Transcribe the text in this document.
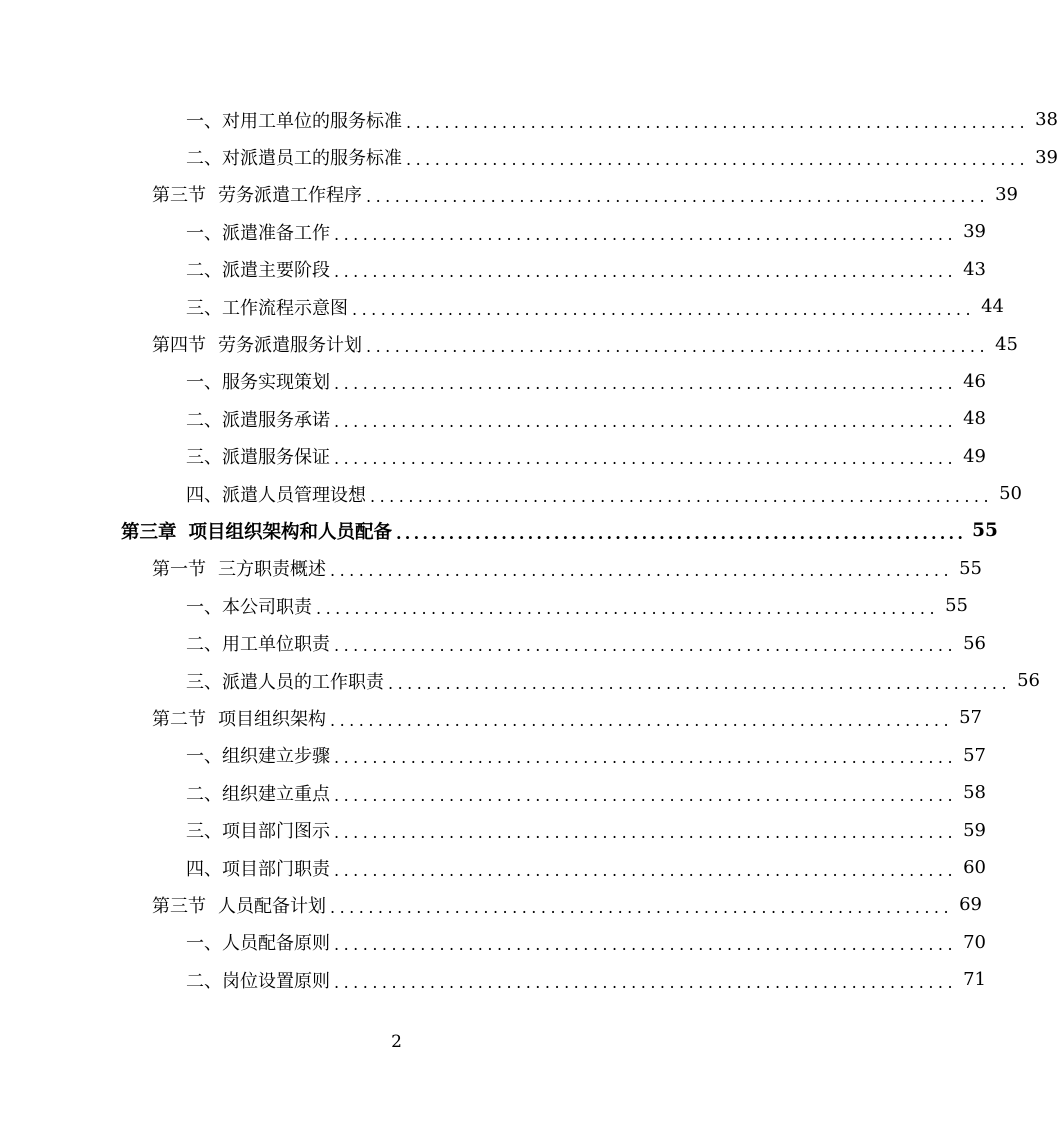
一、对用工单位的服务标准 ................................................................. 38
二、对派遣员工的服务标准 ................................................................. 39
第三节 劳务派遣工作程序 ................................................................. 39
一、派遣准备工作 ................................................................. 39
二、派遣主要阶段 ................................................................. 43
三、工作流程示意图 ................................................................. 44
第四节 劳务派遣服务计划 ................................................................. 45
一、服务实现策划 ................................................................. 46
二、派遣服务承诺 ................................................................. 48
三、派遣服务保证 ................................................................. 49
四、派遣人员管理设想 ................................................................. 50
第三章 项目组织架构和人员配备 ................................................................. 55
第一节 三方职责概述 ................................................................. 55
一、本公司职责 ................................................................. 55
二、用工单位职责 ................................................................. 56
三、派遣人员的工作职责 ................................................................. 56
第二节 项目组织架构 ................................................................. 57
一、组织建立步骤 ................................................................. 57
二、组织建立重点 ................................................................. 58
三、项目部门图示 ................................................................. 59
四、项目部门职责 ................................................................. 60
第三节 人员配备计划 ................................................................. 69
一、人员配备原则 ................................................................. 70
二、岗位设置原则 ................................................................. 71
2
